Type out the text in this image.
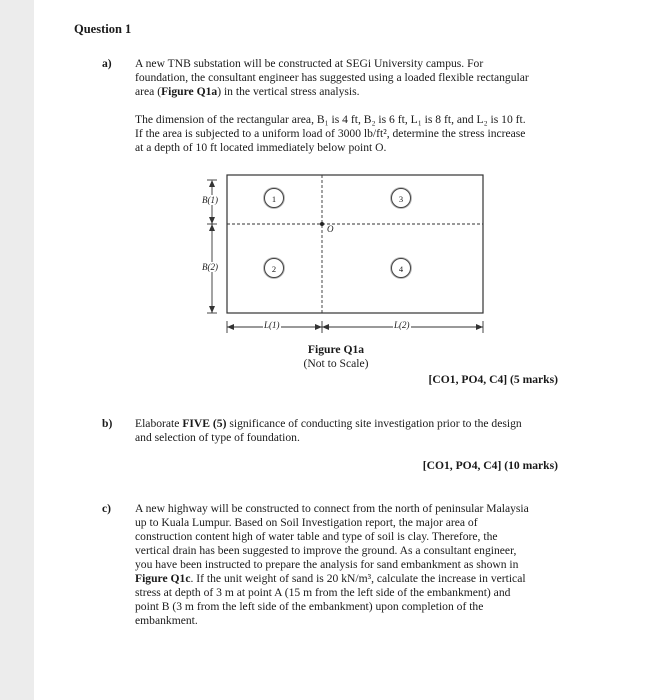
Question 1
a) A new TNB substation will be constructed at SEGi University campus. For
foundation, the consultant engineer has suggested using a loaded flexible rectangular
area (Figure Q1a) in the vertical stress analysis.
The dimension of the rectangular area, B₁ is 4 ft, B₂ is 6 ft, L₁ is 8 ft, and L₂ is 10 ft.
If the area is subjected to a uniform load of 3000 lb/ft², determine the stress increase
at a depth of 10 ft located immediately below point O.
1	3
2	4
O
B(1)
B(2)
L(1)	L(2)
Figure Q1a
(Not to Scale)
[CO1, PO4, C4] (5 marks)
b) Elaborate FIVE (5) significance of conducting site investigation prior to the design
and selection of type of foundation.
[CO1, PO4, C4] (10 marks)
c) A new highway will be constructed to connect from the north of peninsular Malaysia
up to Kuala Lumpur. Based on Soil Investigation report, the major area of
construction content high of water table and type of soil is clay. Therefore, the
vertical drain has been suggested to improve the ground. As a consultant engineer,
you have been instructed to prepare the analysis for sand embankment as shown in
Figure Q1c. If the unit weight of sand is 20 kN/m³, calculate the increase in vertical
stress at depth of 3 m at point A (15 m from the left side of the embankment) and
point B (3 m from the left side of the embankment) upon completion of the
embankment.
